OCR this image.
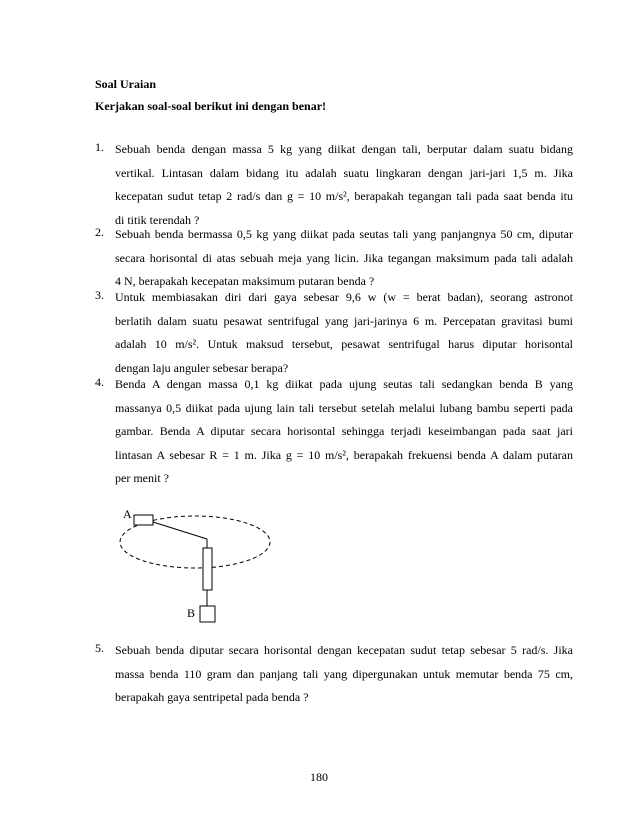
Soal Uraian
Kerjakan soal-soal berikut ini dengan benar!
1. Sebuah benda dengan massa 5 kg yang diikat dengan tali, berputar dalam suatu bidang
vertikal. Lintasan dalam bidang itu adalah suatu lingkaran dengan jari-jari 1,5 m. Jika
kecepatan sudut tetap 2 rad/s dan g = 10 m/s², berapakah tegangan tali pada saat benda itu
di titik terendah ?
2. Sebuah benda bermassa 0,5 kg yang diikat pada seutas tali yang panjangnya 50 cm, diputar
secara horisontal di atas sebuah meja yang licin. Jika tegangan maksimum pada tali adalah
4 N, berapakah kecepatan maksimum putaran benda ?
3. Untuk membiasakan diri dari gaya sebesar 9,6 w (w = berat badan), seorang astronot
berlatih dalam suatu pesawat sentrifugal yang jari-jarinya 6 m. Percepatan gravitasi bumi
adalah 10 m/s². Untuk maksud tersebut, pesawat sentrifugal harus diputar horisontal
dengan laju anguler sebesar berapa?
4. Benda A dengan massa 0,1 kg diikat pada ujung seutas tali sedangkan benda B yang
massanya 0,5 diikat pada ujung lain tali tersebut setelah melalui lubang bambu seperti pada
gambar. Benda A diputar secara horisontal sehingga terjadi keseimbangan pada saat jari
lintasan A sebesar R = 1 m. Jika g = 10 m/s², berapakah frekuensi benda A dalam putaran
per menit ?
A
B
5. Sebuah benda diputar secara horisontal dengan kecepatan sudut tetap sebesar 5 rad/s. Jika
massa benda 110 gram dan panjang tali yang dipergunakan untuk memutar benda 75 cm,
berapakah gaya sentripetal pada benda ?
180
